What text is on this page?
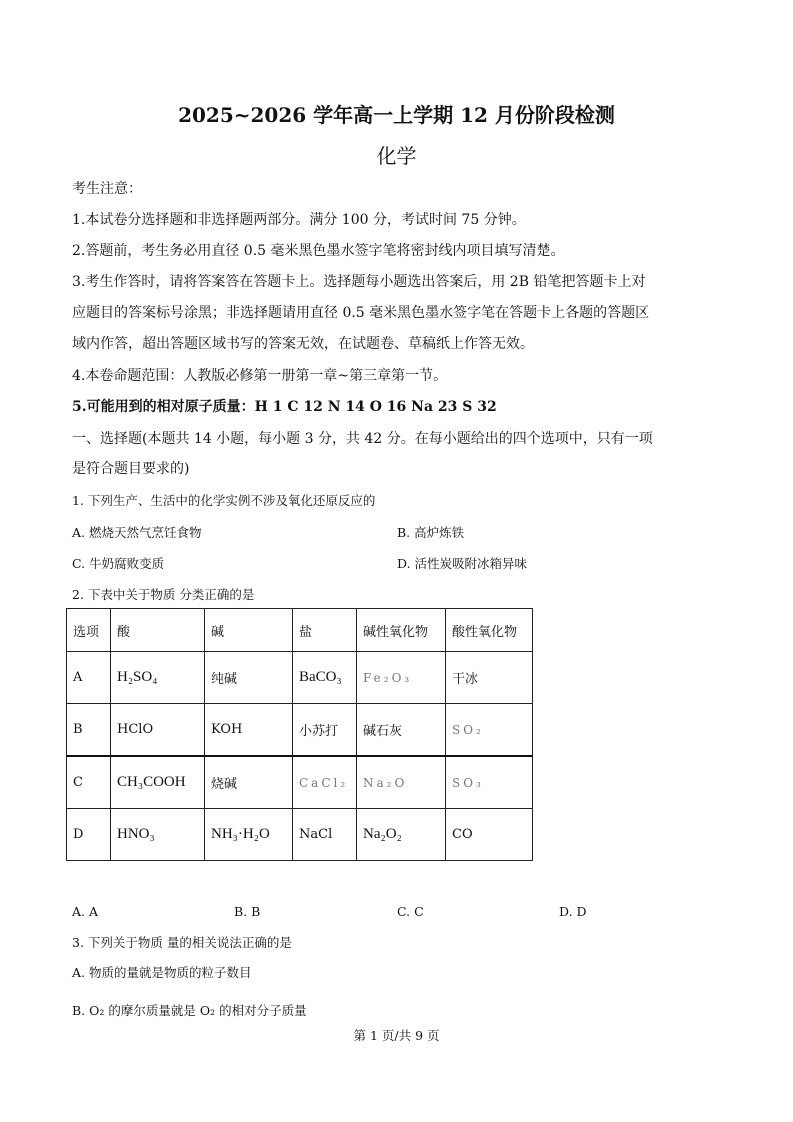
2025~2026 学年高一上学期 12 月份阶段检测
化学
考生注意：
1.本试卷分选择题和非选择题两部分。满分 100 分，考试时间 75 分钟。
2.答题前，考生务必用直径 0.5 毫米黑色墨水签字笔将密封线内项目填写清楚。
3.考生作答时，请将答案答在答题卡上。选择题每小题选出答案后，用 2B 铅笔把答题卡上对
应题目的答案标号涂黑；非选择题请用直径 0.5 毫米黑色墨水签字笔在答题卡上各题的答题区
域内作答，超出答题区域书写的答案无效，在试题卷、草稿纸上作答无效。
4.本卷命题范围：人教版必修第一册第一章~第三章第一节。
5.可能用到的相对原子质量：H 1 C 12 N 14 O 16 Na 23 S 32
一、选择题(本题共 14 小题，每小题 3 分，共 42 分。在每小题给出的四个选项中，只有一项
是符合题目要求的)
1. 下列生产、生活中的化学实例不涉及氧化还原反应的
A. 燃烧天然气烹饪食物	B. 高炉炼铁
C. 牛奶腐败变质	D. 活性炭吸附冰箱异味
2. 下表中关于物质 分类正确的是
选项	酸	碱	盐	碱性氧化物	酸性氧化物
A	H₂SO₄	纯碱	BaCO₃	Fe₂O₃	干冰
B	HClO	KOH	小苏打	碱石灰	SO₂
C	CH₃COOH	烧碱	CaCl₂	Na₂O	SO₃
D	HNO₃	NH₃·H₂O	NaCl	Na₂O₂	CO
A. A	B. B	C. C	D. D
3. 下列关于物质 量的相关说法正确的是
A. 物质的量就是物质的粒子数目
B. O₂ 的摩尔质量就是 O₂ 的相对分子质量
第 1 页/共 9 页
